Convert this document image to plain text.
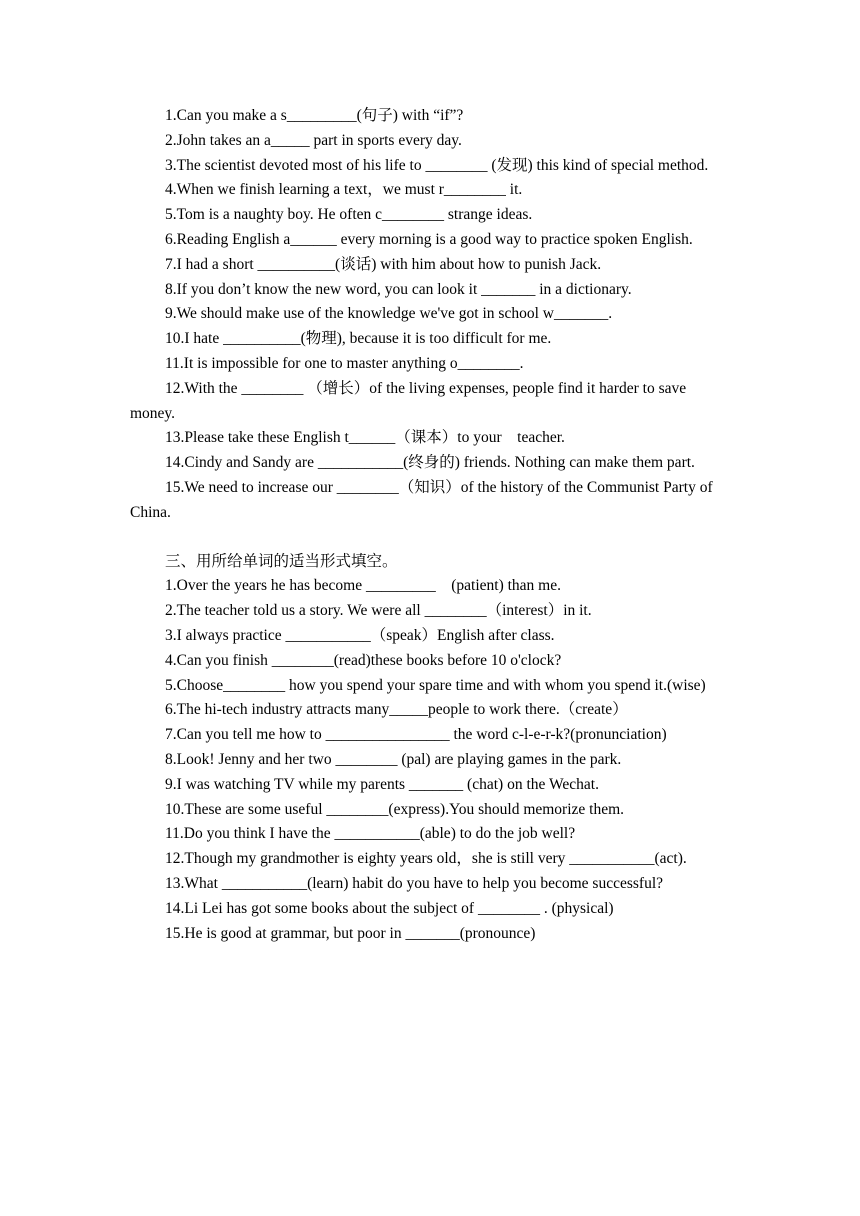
1.Can you make a s_________(句子) with “if”?

2.John takes an a_____ part in sports every day.

3.The scientist devoted most of his life to ________ (发现) this kind of special method.

4.When we finish learning a text，we must r________ it.

5.Tom is a naughty boy. He often c________ strange ideas.

6.Reading English a______ every morning is a good way to practice spoken English.

7.I had a short __________(谈话) with him about how to punish Jack.

8.If you don’t know the new word, you can look it _______ in a dictionary.

9.We should make use of the knowledge we've got in school w_______.

10.I hate __________(物理), because it is too difficult for me.

11.It is impossible for one to master anything o________.

12.With the ________ （增长）of the living expenses, people find it harder to save money.

13.Please take these English t______（课本）to your　teacher.

14.Cindy and Sandy are ___________(终身的) friends. Nothing can make them part.

15.We need to increase our ________（知识）of the history of the Communist Party of China.

三、用所给单词的适当形式填空。

1.Over the years he has become _________　(patient) than me.

2.The teacher told us a story. We were all ________（interest）in it.

3.I always practice ___________（speak）English after class.

4.Can you finish ________(read)these books before 10 o'clock?

5.Choose________ how you spend your spare time and with whom you spend it.(wise)

6.The hi-tech industry attracts many_____people to work there.（create）

7.Can you tell me how to ________________ the word c-l-e-r-k?(pronunciation)

8.Look! Jenny and her two ________ (pal) are playing games in the park.

9.I was watching TV while my parents _______ (chat) on the Wechat.

10.These are some useful ________(express).You should memorize them.

11.Do you think I have the ___________(able) to do the job well?

12.Though my grandmother is eighty years old，she is still very ___________(act).

13.What ___________(learn) habit do you have to help you become successful?

14.Li Lei has got some books about the subject of ________ . (physical)

15.He is good at grammar, but poor in _______(pronounce)
